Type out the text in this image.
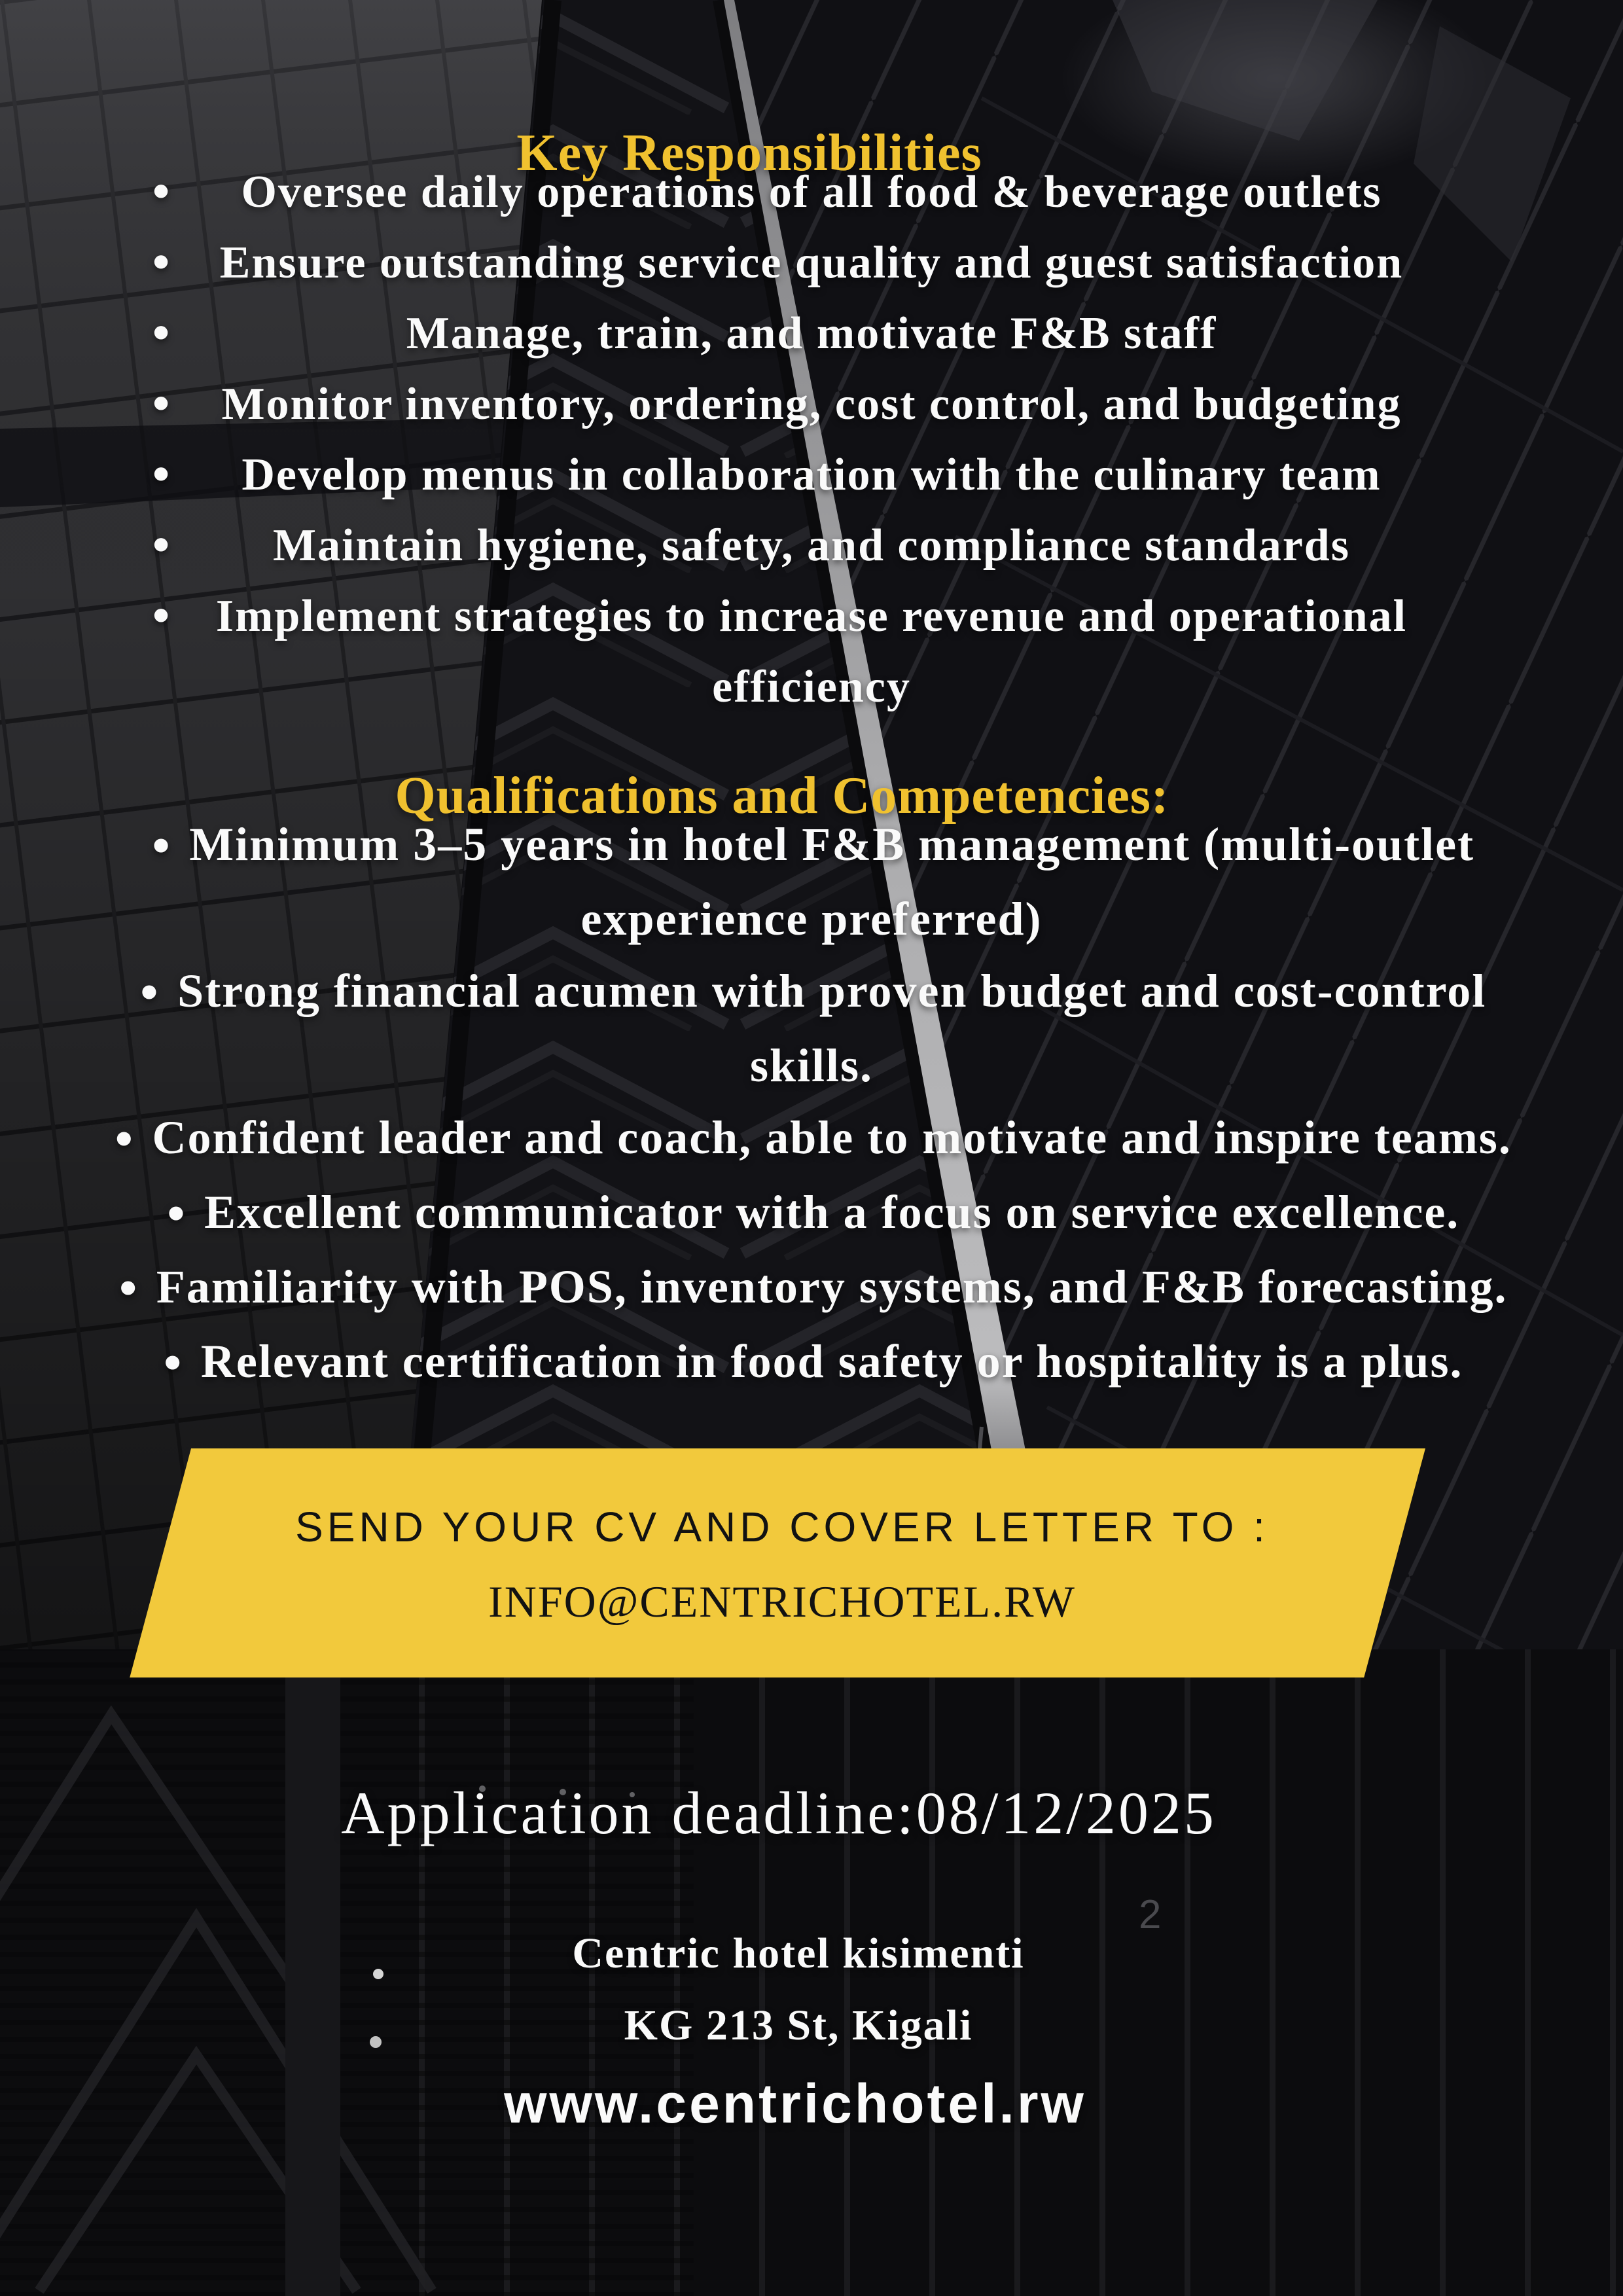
Key Responsibilities
• Oversee daily operations of all food & beverage outlets
• Ensure outstanding service quality and guest satisfaction
•	Manage, train, and motivate F&B staff
• Monitor inventory, ordering, cost control, and budgeting
• Develop menus in collaboration with the culinary team
• Maintain hygiene, safety, and compliance standards
• Implement strategies to increase revenue and operational efficiency
Qualifications and Competencies:
• Minimum 3–5 years in hotel F&B management (multi-outlet experience preferred)
• Strong financial acumen with proven budget and cost-control skills.
• Confident leader and coach, able to motivate and inspire teams.
• Excellent communicator with a focus on service excellence.
• Familiarity with POS, inventory systems, and F&B forecasting.
• Relevant certification in food safety or hospitality is a plus.
SEND YOUR CV AND COVER LETTER TO :
INFO@CENTRICHOTEL.RW
Application deadline:08/12/2025
Centric hotel kisimenti
KG 213 St, Kigali
www.centrichotel.rw
2
